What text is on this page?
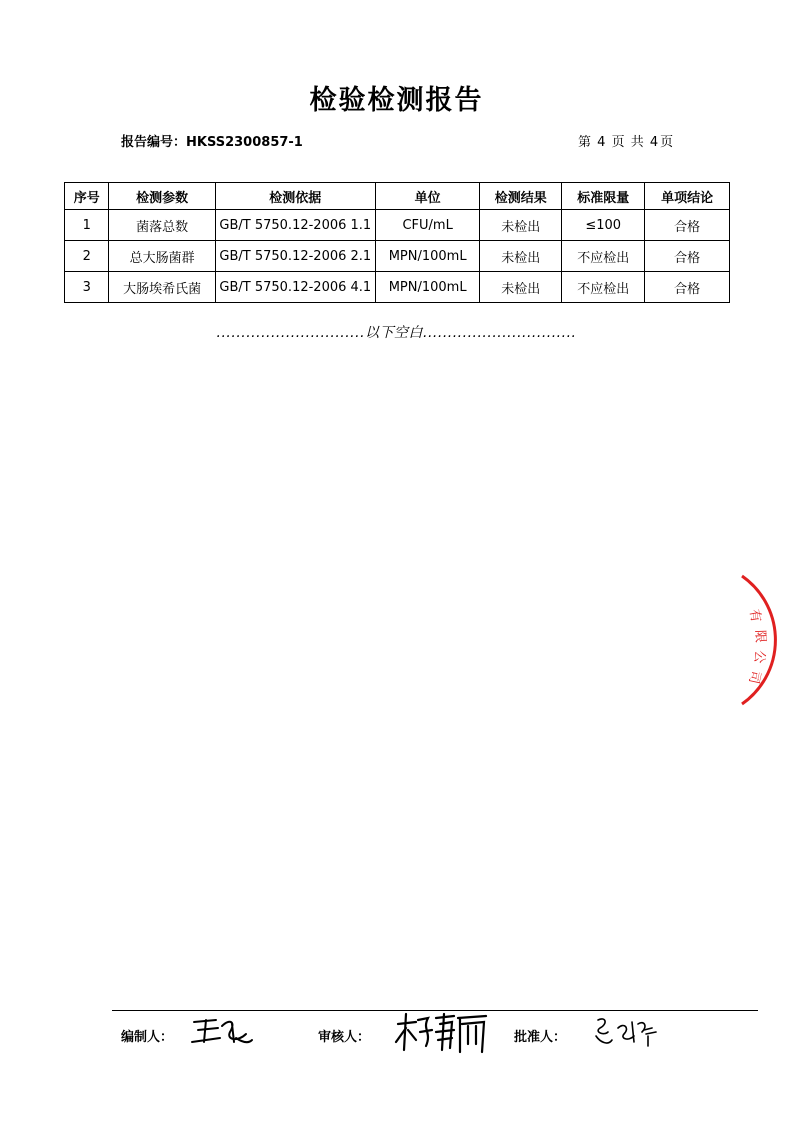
检验检测报告
报告编号：HKSS2300857-1	第 4 页 共 4 页
序号	检测参数	检测依据	单位	检测结果	标准限量	单项结论
1	菌落总数	GB/T 5750.12-2006 1.1	CFU/mL	未检出	≤100	合格
2	总大肠菌群	GB/T 5750.12-2006 2.1	MPN/100mL	未检出	不应检出	合格
3	大肠埃希氏菌	GB/T 5750.12-2006 4.1	MPN/100mL	未检出	不应检出	合格
..............................以下空白...............................
有
限
公
司
编制人：	审核人：	批准人：
